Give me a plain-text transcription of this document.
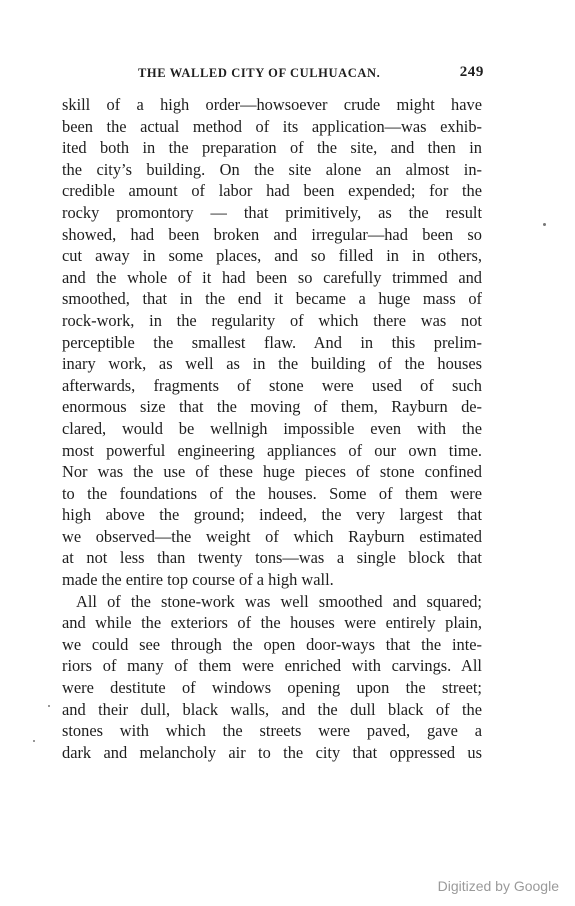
THE WALLED CITY OF CULHUACAN.	249
skill of a high order—howsoever crude might have
been the actual method of its application—was exhib-
ited both in the preparation of the site, and then in
the city’s building. On the site alone an almost in-
credible amount of labor had been expended; for the
rocky promontory — that primitively, as the result
showed, had been broken and irregular—had been so
cut away in some places, and so filled in in others,
and the whole of it had been so carefully trimmed and
smoothed, that in the end it became a huge mass of
rock-work, in the regularity of which there was not
perceptible the smallest flaw. And in this prelim-
inary work, as well as in the building of the houses
afterwards, fragments of stone were used of such
enormous size that the moving of them, Rayburn de-
clared, would be wellnigh impossible even with the
most powerful engineering appliances of our own time.
Nor was the use of these huge pieces of stone confined
to the foundations of the houses. Some of them were
high above the ground; indeed, the very largest that
we observed—the weight of which Rayburn estimated
at not less than twenty tons—was a single block that
made the entire top course of a high wall.
All of the stone-work was well smoothed and squared;
and while the exteriors of the houses were entirely plain,
we could see through the open door-ways that the inte-
riors of many of them were enriched with carvings. All
were destitute of windows opening upon the street;
and their dull, black walls, and the dull black of the
stones with which the streets were paved, gave a
dark and melancholy air to the city that oppressed us
Digitized by Google
